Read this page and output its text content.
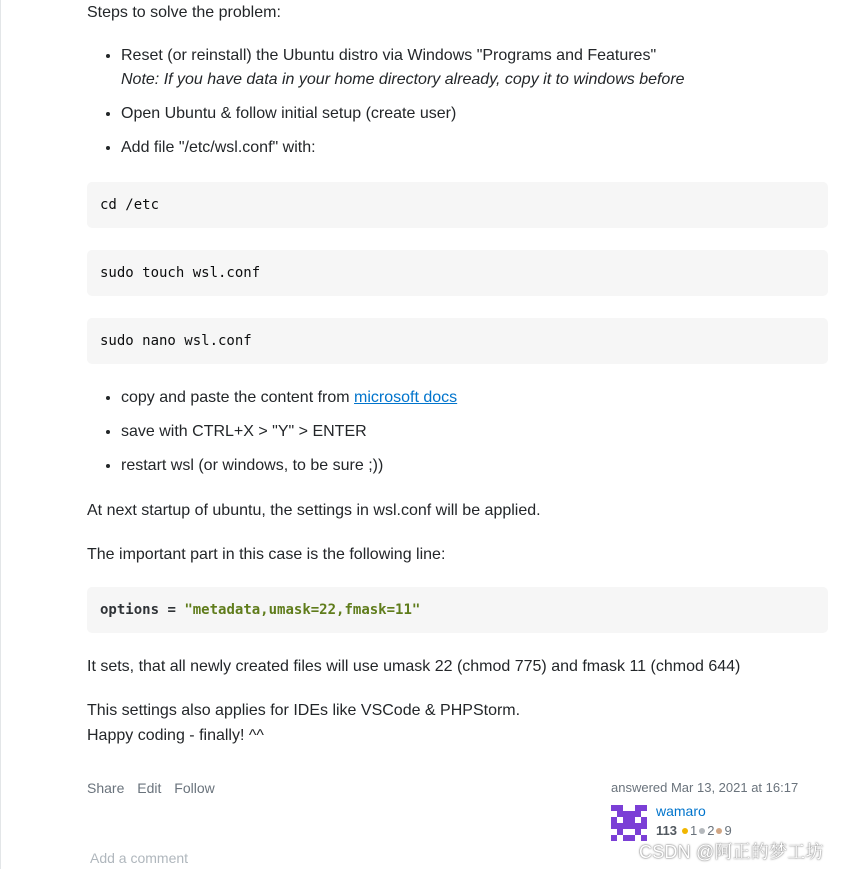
Steps to solve the problem:

• Reset (or reinstall) the Ubuntu distro via Windows "Programs and Features"
Note: If you have data in your home directory already, copy it to windows before
• Open Ubuntu & follow initial setup (create user)
• Add file "/etc/wsl.conf" with:
cd /etc
sudo touch wsl.conf
sudo nano wsl.conf
• copy and paste the content from microsoft docs
• save with CTRL+X > "Y" > ENTER
• restart wsl (or windows, to be sure ;))

At next startup of ubuntu, the settings in wsl.conf will be applied.

The important part in this case is the following line:

options = "metadata,umask=22,fmask=11"

It sets, that all newly created files will use umask 22 (chmod 775) and fmask 11 (chmod 644)

This settings also applies for IDEs like VSCode & PHPStorm.

Happy coding - finally! ^^

Share Edit Follow	answered Mar 13, 2021 at 16:17
wamaro
113 1 2 9
Add a comment	CSDN @阿正的梦工坊
